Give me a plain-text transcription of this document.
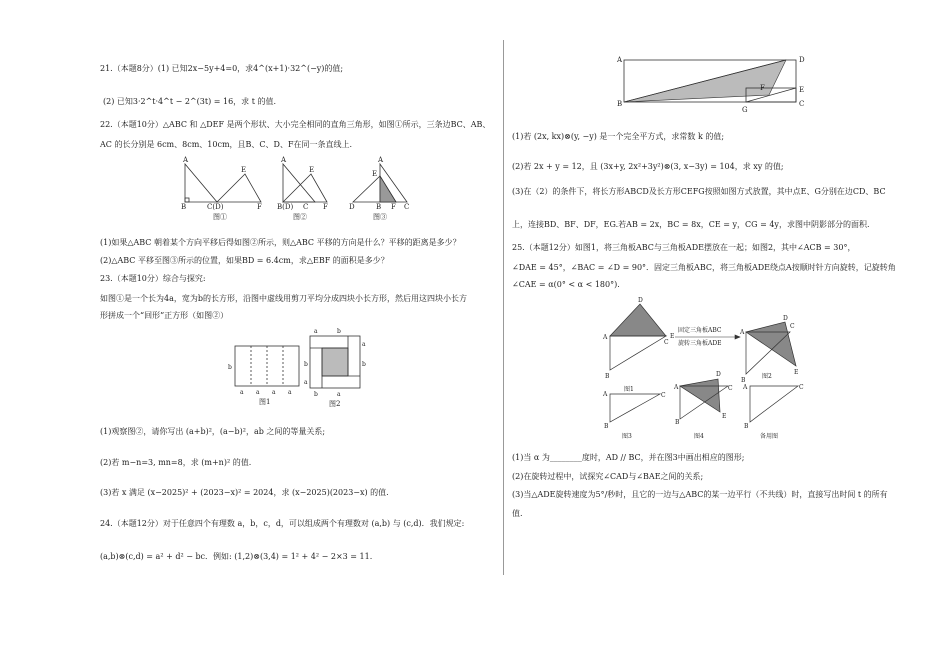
21.（本题8分）(1) 已知2x−5y+4=0，求4^(x+1)·32^(−y)的值;
(2) 已知3·2^t·4^t − 2^(3t) = 16，求 t 的值.
22.（本题10分）△ABC 和 △DEF 是两个形状、大小完全相同的直角三角形，如图①所示，三条边BC、AB、
AC 的长分别是 6cm、8cm、10cm，且B、C、D、F在同一条直线上.
A
B	C(D)
E
F
图①
A
B(D) C
E
F
图②
A
D	B F C
E
图③
(1)如果△ABC 朝着某个方向平移后得如图②所示，则△ABC 平移的方向是什么？平移的距离是多少？
(2)△ABC 平移至图③所示的位置，如果BD = 6.4cm，求△EBF 的面积是多少？
23.（本题10分）综合与探究:
如图①是一个长为4a，宽为b的长方形，沿图中虚线用剪刀平均分成四块小长方形，然后用这四块小长方
形拼成一个“回形”正方形（如图②）
b
a a a a
图1
a	b
a
b
b
a
b	a
图2
(1)观察图②，请你写出 (a+b)²，(a−b)²，ab 之间的等量关系;
(2)若 m−n=3, mn=8，求 (m+n)² 的值.
(3)若 x 满足 (x−2025)² + (2023−x)² = 2024，求 (x−2025)(2023−x) 的值.
24.（本题12分）对于任意四个有理数 a，b，c，d，可以组成两个有理数对 (a,b) 与 (c,d)．我们规定:
(a,b)⊗(c,d) = a² + d² − bc．例如: (1,2)⊗(3,4) = 1² + 4² − 2×3 = 11.
A	D
B	C
E
G
F
(1)若 (2x, kx)⊗(y, −y) 是一个完全平方式，求常数 k 的值;
(2)若 2x + y = 12，且 (3x+y, 2x²+3y²)⊗(3, x−3y) = 104，求 xy 的值;
(3)在（2）的条件下，将长方形ABCD及长方形CEFG按照如图方式放置，其中点E、G分别在边CD、BC
上，连接BD、BF、DF，EG.若AB = 2x，BC = 8x，CE = y，CG = 4y，求图中阴影部分的面积.
25.（本题12分）如图1，将三角板ABC与三角板ADE摆放在一起；如图2，其中∠ACB = 30°，
∠DAE = 45°，∠BAC = ∠D = 90°．固定三角板ABC，将三角板ADE绕点A按顺时针方向旋转，记旋转角
∠CAE = α(0° < α < 180°).
D
A
C
B
E
图1
固定三角板ABC
旋转三角板ADE
D
A
C
B
E
图2
A
B
C
图3
A
D
C
B
E
图4
A
B
C
备用图
(1)当 α 为________度时，AD // BC，并在图3中画出相应的图形;
(2)在旋转过程中，试探究∠CAD与∠BAE之间的关系;
(3)当△ADE旋转速度为5°/秒时，且它的一边与△ABC的某一边平行（不共线）时，直接写出时间 t 的所有
值.
